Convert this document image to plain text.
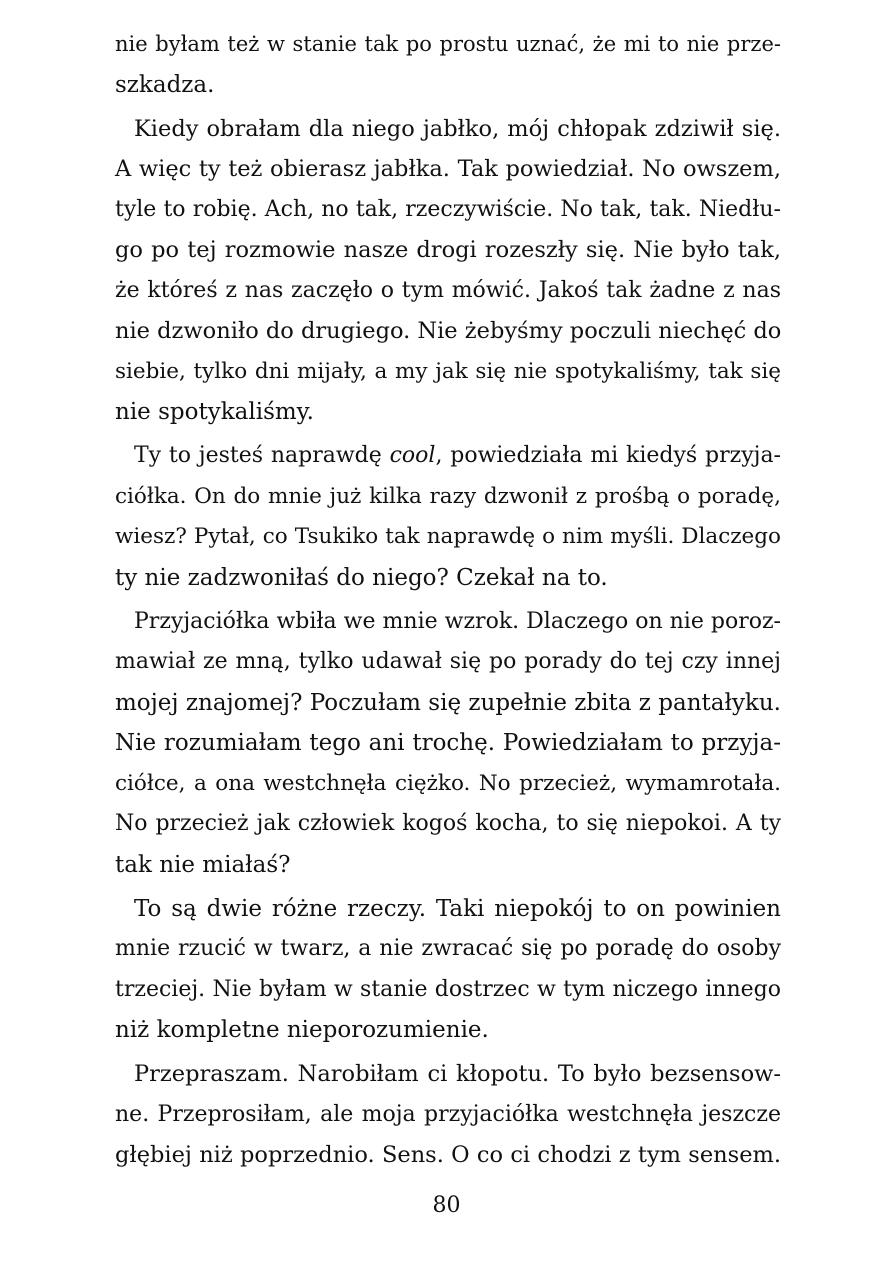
nie byłam też w stanie tak po prostu uznać, że mi to nie prze-
szkadza.
Kiedy obrałam dla niego jabłko, mój chłopak zdziwił się.
A więc ty też obierasz jabłka. Tak powiedział. No owszem,
tyle to robię. Ach, no tak, rzeczywiście. No tak, tak. Niedłu-
go po tej rozmowie nasze drogi rozeszły się. Nie było tak,
że któreś z nas zaczęło o tym mówić. Jakoś tak żadne z nas
nie dzwoniło do drugiego. Nie żebyśmy poczuli niechęć do
siebie, tylko dni mijały, a my jak się nie spotykaliśmy, tak się
nie spotykaliśmy.
Ty to jesteś naprawdę cool, powiedziała mi kiedyś przyja-
ciółka. On do mnie już kilka razy dzwonił z prośbą o poradę,
wiesz? Pytał, co Tsukiko tak naprawdę o nim myśli. Dlaczego
ty nie zadzwoniłaś do niego? Czekał na to.
Przyjaciółka wbiła we mnie wzrok. Dlaczego on nie poroz-
mawiał ze mną, tylko udawał się po porady do tej czy innej
mojej znajomej? Poczułam się zupełnie zbita z pantałyku.
Nie rozumiałam tego ani trochę. Powiedziałam to przyja-
ciółce, a ona westchnęła ciężko. No przecież, wymamrotała.
No przecież jak człowiek kogoś kocha, to się niepokoi. A ty
tak nie miałaś?
To są dwie różne rzeczy. Taki niepokój to on powinien
mnie rzucić w twarz, a nie zwracać się po poradę do osoby
trzeciej. Nie byłam w stanie dostrzec w tym niczego innego
niż kompletne nieporozumienie.
Przepraszam. Narobiłam ci kłopotu. To było bezsensow-
ne. Przeprosiłam, ale moja przyjaciółka westchnęła jeszcze
głębiej niż poprzednio. Sens. O co ci chodzi z tym sensem.
80
